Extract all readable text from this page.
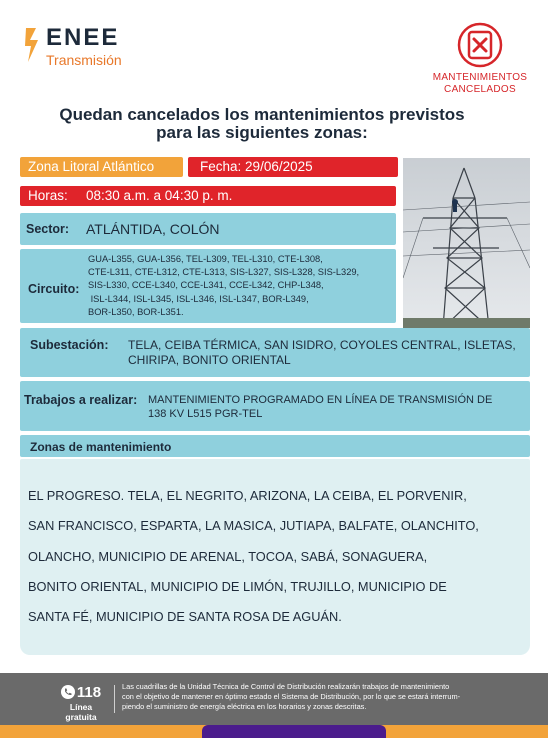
ENEE
Transmisión
MANTENIMIENTOS
CANCELADOS
Quedan cancelados los mantenimientos previstos
para las siguientes zonas:
Zona Litoral Atlántico	Fecha: 29/06/2025
Horas: 08:30 a.m. a 04:30 p. m.
Sector: ATLÁNTIDA, COLÓN
Circuito:
GUA-L355, GUA-L356, TEL-L309, TEL-L310, CTE-L308,
CTE-L311, CTE-L312, CTE-L313, SIS-L327, SIS-L328, SIS-L329,
SIS-L330, CCE-L340, CCE-L341, CCE-L342, CHP-L348,
ISL-L344, ISL-L345, ISL-L346, ISL-L347, BOR-L349,
BOR-L350, BOR-L351.
Subestación: TELA, CEIBA TÉRMICA, SAN ISIDRO, COYOLES CENTRAL, ISLETAS,
CHIRIPA, BONITO ORIENTAL
Trabajos a realizar: MANTENIMIENTO PROGRAMADO EN LÍNEA DE TRANSMISIÓN DE
138 KV L515 PGR-TEL
Zonas de mantenimiento
EL PROGRESO. TELA, EL NEGRITO, ARIZONA, LA CEIBA, EL PORVENIR,
SAN FRANCISCO, ESPARTA, LA MASICA, JUTIAPA, BALFATE, OLANCHITO,
OLANCHO, MUNICIPIO DE ARENAL, TOCOA, SABÁ, SONAGUERA,
BONITO ORIENTAL, MUNICIPIO DE LIMÓN, TRUJILLO, MUNICIPIO DE
SANTA FÉ, MUNICIPIO DE SANTA ROSA DE AGUÁN.
118
Línea gratuita
Las cuadrillas de la Unidad Técnica de Control de Distribución realizarán trabajos de mantenimiento
con el objetivo de mantener en óptimo estado el Sistema de Distribución, por lo que se estará interrum-
piendo el suministro de energía eléctrica en los horarios y zonas descritas.
